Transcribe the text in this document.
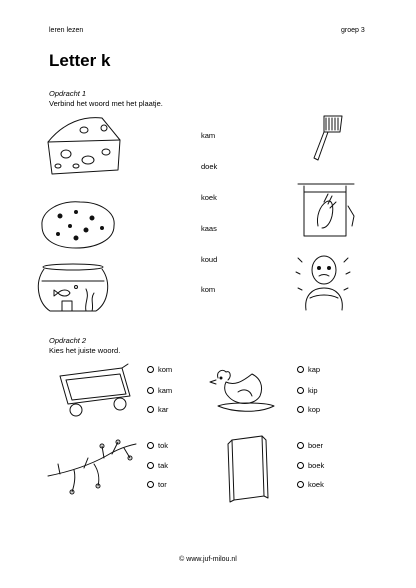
leren lezen	groep 3
Letter k
Opdracht 1
Verbind het woord met het plaatje.
kam
doek
koek
kaas
koud
kom
Opdracht 2
Kies het juiste woord.
kom
kam
kar
kap
kip
kop
tok
tak
tor
boer
boek
koek
© www.juf-milou.nl
